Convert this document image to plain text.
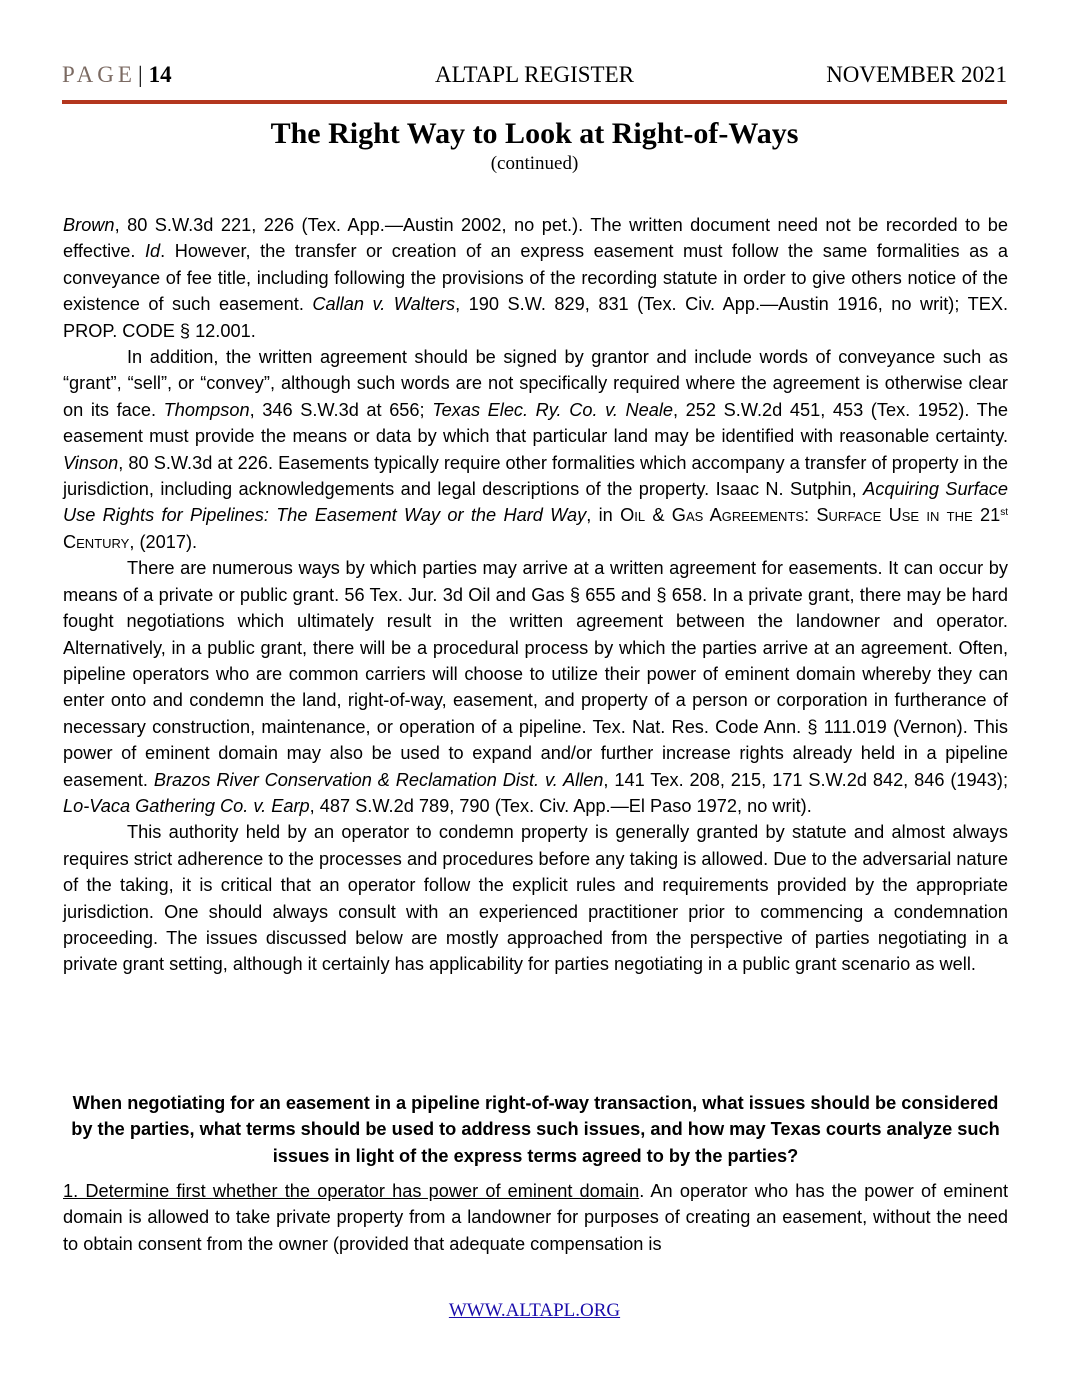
PAGE| 14	ALTAPL REGISTER	NOVEMBER 2021
The Right Way to Look at Right-of-Ways
(continued)

Brown, 80 S.W.3d 221, 226 (Tex. App.—Austin 2002, no pet.). The written document need not be recorded to be effective. Id. However, the transfer or creation of an express easement must follow the same formalities as a conveyance of fee title, including following the provisions of the recording statute in order to give others notice of the existence of such easement. Callan v. Walters, 190 S.W. 829, 831 (Tex. Civ. App.—Austin 1916, no writ); TEX. PROP. CODE § 12.001.

In addition, the written agreement should be signed by grantor and include words of conveyance such as “grant”, “sell”, or “convey”, although such words are not specifically required where the agreement is otherwise clear on its face. Thompson, 346 S.W.3d at 656; Texas Elec. Ry. Co. v. Neale, 252 S.W.2d 451, 453 (Tex. 1952). The easement must provide the means or data by which that particular land may be identified with reasonable certainty. Vinson, 80 S.W.3d at 226. Easements typically require other formalities which accompany a transfer of property in the jurisdiction, including acknowledgements and legal descriptions of the property. Isaac N. Sutphin, Acquiring Surface Use Rights for Pipelines: The Easement Way or the Hard Way, in Oil & Gas Agreements: Surface Use in the 21st Century, (2017).

There are numerous ways by which parties may arrive at a written agreement for easements. It can occur by means of a private or public grant. 56 Tex. Jur. 3d Oil and Gas § 655 and § 658. In a private grant, there may be hard fought negotiations which ultimately result in the written agreement between the landowner and operator. Alternatively, in a public grant, there will be a procedural process by which the parties arrive at an agreement. Often, pipeline operators who are common carriers will choose to utilize their power of eminent domain whereby they can enter onto and condemn the land, right-of-way, easement, and property of a person or corporation in furtherance of necessary construction, maintenance, or operation of a pipeline. Tex. Nat. Res. Code Ann. § 111.019 (Vernon). This power of eminent domain may also be used to expand and/or further increase rights already held in a pipeline easement. Brazos River Conservation & Reclamation Dist. v. Allen, 141 Tex. 208, 215, 171 S.W.2d 842, 846 (1943); Lo-Vaca Gathering Co. v. Earp, 487 S.W.2d 789, 790 (Tex. Civ. App.—El Paso 1972, no writ).

This authority held by an operator to condemn property is generally granted by statute and almost always requires strict adherence to the processes and procedures before any taking is allowed. Due to the adversarial nature of the taking, it is critical that an operator follow the explicit rules and requirements provided by the appropriate jurisdiction. One should always consult with an experienced practitioner prior to commencing a condemnation proceeding. The issues discussed below are mostly approached from the perspective of parties negotiating in a private grant setting, although it certainly has applicability for parties negotiating in a public grant scenario as well.

When negotiating for an easement in a pipeline right-of-way transaction, what issues should be considered by the parties, what terms should be used to address such issues, and how may Texas courts analyze such issues in light of the express terms agreed to by the parties?
1. Determine first whether the operator has power of eminent domain. An operator who has the power of eminent domain is allowed to take private property from a landowner for purposes of creating an easement, without the need to obtain consent from the owner (provided that adequate compensation is
WWW.ALTAPL.ORG
